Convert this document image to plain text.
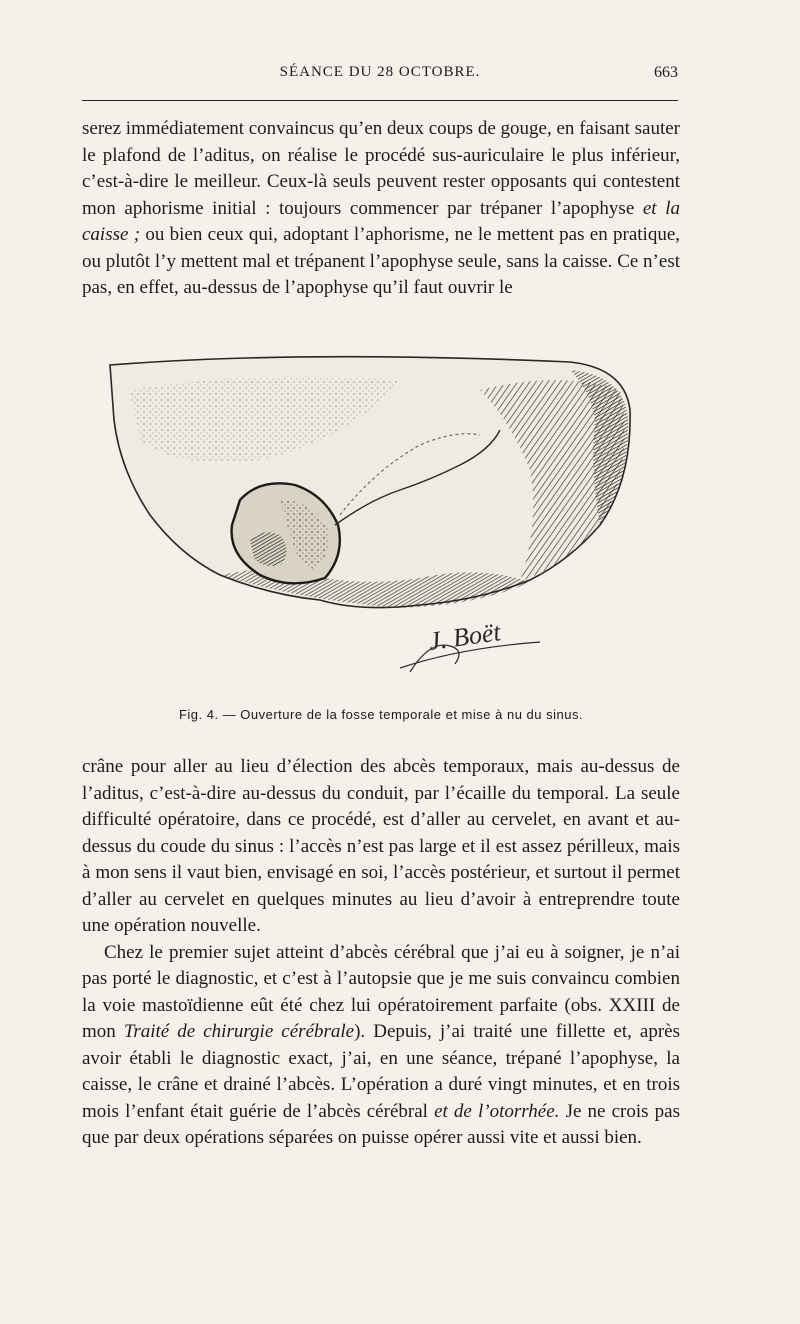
SÉANCE DU 28 OCTOBRE.	663

serez immédiatement convaincus qu’en deux coups de gouge, en faisant sauter le plafond de l’aditus, on réalise le procédé sus-auriculaire le plus inférieur, c’est-à-dire le meilleur. Ceux-là seuls peuvent rester opposants qui contestent mon aphorisme initial : toujours commencer par trépaner l’apophyse et la caisse ; ou bien ceux qui, adoptant l’aphorisme, ne le mettent pas en pratique, ou plutôt l’y mettent mal et trépanent l’apophyse seule, sans la caisse. Ce n’est pas, en effet, au-dessus de l’apophyse qu’il faut ouvrir le

J. Boët
Fig. 4. — Ouverture de la fosse temporale et mise à nu du sinus.

crâne pour aller au lieu d’élection des abcès temporaux, mais au-dessus de l’aditus, c’est-à-dire au-dessus du conduit, par l’écaille du temporal. La seule difficulté opératoire, dans ce procédé, est d’aller au cervelet, en avant et au-dessus du coude du sinus : l’accès n’est pas large et il est assez périlleux, mais à mon sens il vaut bien, envisagé en soi, l’accès postérieur, et surtout il permet d’aller au cervelet en quelques minutes au lieu d’avoir à entreprendre toute une opération nouvelle.

Chez le premier sujet atteint d’abcès cérébral que j’ai eu à soigner, je n’ai pas porté le diagnostic, et c’est à l’autopsie que je me suis convaincu combien la voie mastoïdienne eût été chez lui opératoirement parfaite (obs. XXIII de mon Traité de chirurgie cérébrale). Depuis, j’ai traité une fillette et, après avoir établi le diagnostic exact, j’ai, en une séance, trépané l’apophyse, la caisse, le crâne et drainé l’abcès. L’opération a duré vingt minutes, et en trois mois l’enfant était guérie de l’abcès cérébral et de l’otorrhée. Je ne crois pas que par deux opérations séparées on puisse opérer aussi vite et aussi bien.
